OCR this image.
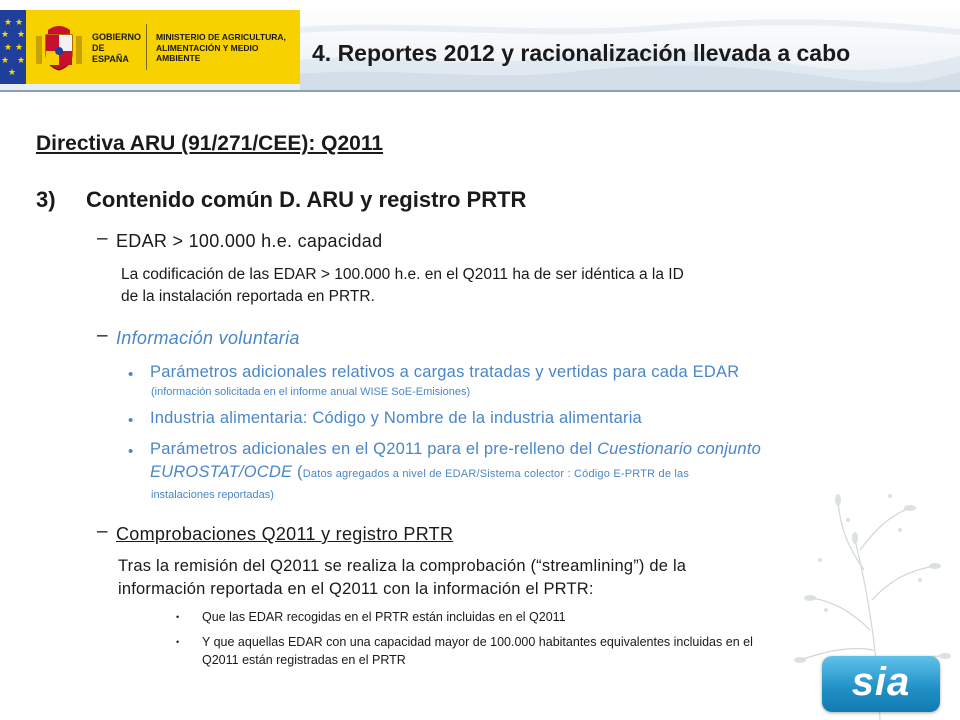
★ ★
★ ★
★ ★
★ ★
★
GOBIERNO DE ESPAÑA
MINISTERIO DE AGRICULTURA, ALIMENTACIÓN Y MEDIO AMBIENTE	4. Reportes 2012 y racionalización llevada a cabo
Directiva ARU (91/271/CEE): Q2011
3) Contenido común D. ARU y registro PRTR
– EDAR > 100.000 h.e. capacidad
La codificación de las EDAR > 100.000 h.e. en el Q2011 ha de ser idéntica a la ID
de la instalación reportada en PRTR.
– Información voluntaria
• Parámetros adicionales relativos a cargas tratadas y vertidas para cada EDAR
(información solicitada en el informe anual WISE SoE-Emisiones)
• Industria alimentaria: Código y Nombre de la industria alimentaria
• Parámetros adicionales en el Q2011 para el pre-relleno del Cuestionario conjunto
EUROSTAT/OCDE (Datos agregados a nivel de EDAR/Sistema colector : Código E-PRTR de las
instalaciones reportadas)
– Comprobaciones Q2011 y registro PRTR
Tras la remisión del Q2011 se realiza la comprobación (“streamlining”) de la
información reportada en el Q2011 con la información el PRTR:
• Que las EDAR recogidas en el PRTR están incluidas en el Q2011
• Y que aquellas EDAR con una capacidad mayor de 100.000 habitantes equivalentes incluidas en el
Q2011 están registradas en el PRTR	sia
